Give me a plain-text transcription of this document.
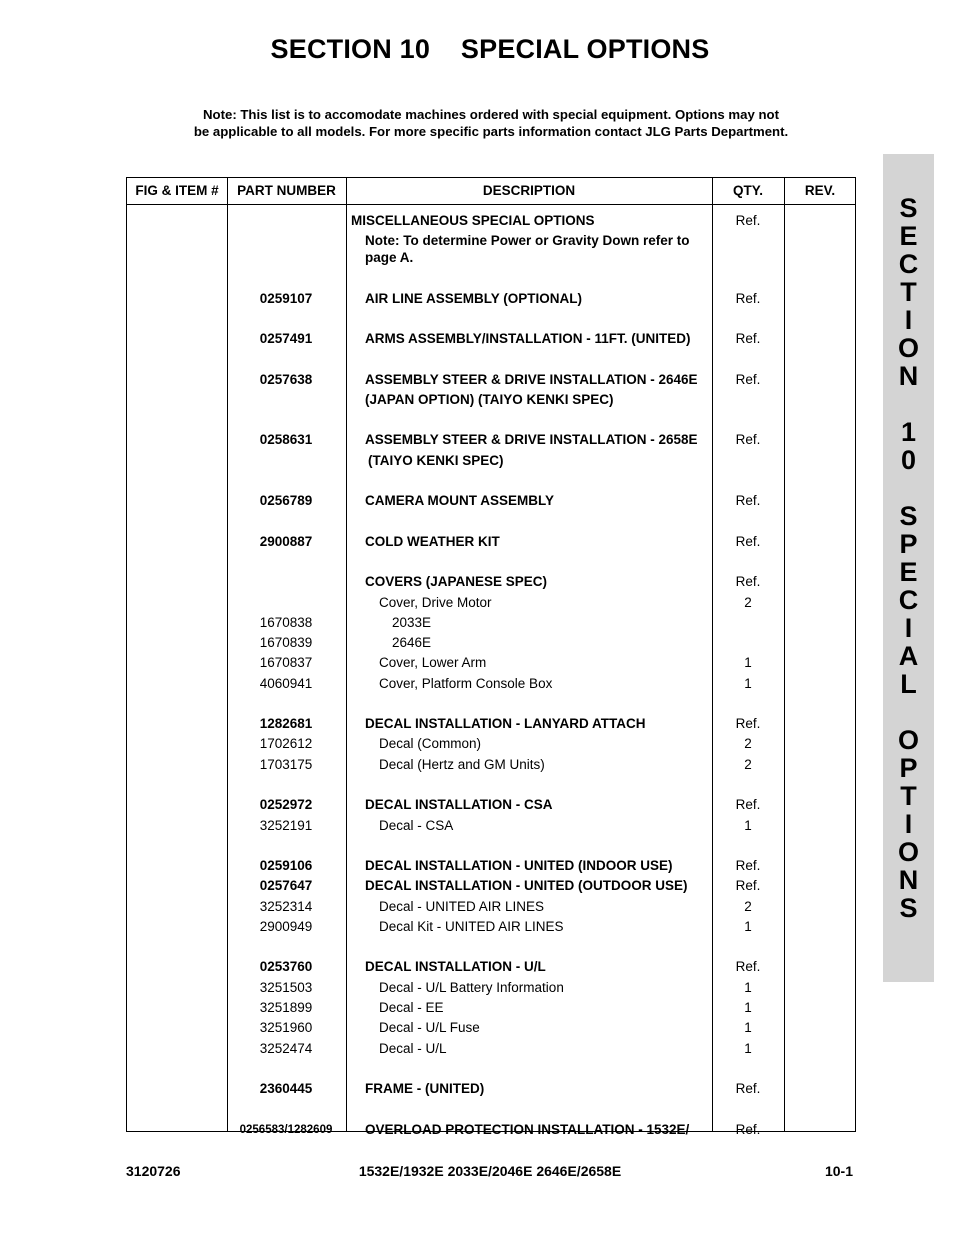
SECTION 10    SPECIAL OPTIONS
Note: This list is to accomodate machines ordered with special equipment. Options may not
be applicable to all models. For more specific parts information contact JLG Parts Department.
FIG & ITEM #	PART NUMBER	DESCRIPTION	QTY.	REV.
MISCELLANEOUS SPECIAL OPTIONS	Ref.
Note: To determine Power or Gravity Down refer to
page A.
0259107	AIR LINE ASSEMBLY (OPTIONAL)	Ref.
0257491	ARMS ASSEMBLY/INSTALLATION - 11FT. (UNITED)	Ref.
0257638	ASSEMBLY STEER & DRIVE INSTALLATION - 2646E	Ref.
(JAPAN OPTION) (TAIYO KENKI SPEC)
0258631	ASSEMBLY STEER & DRIVE INSTALLATION - 2658E	Ref.
(TAIYO KENKI SPEC)
0256789	CAMERA MOUNT ASSEMBLY	Ref.
2900887	COLD WEATHER KIT	Ref.
COVERS (JAPANESE SPEC)	Ref.
Cover, Drive Motor	2
1670838	2033E
1670839	2646E
1670837	Cover, Lower Arm	1
4060941	Cover, Platform Console Box	1
1282681	DECAL INSTALLATION - LANYARD ATTACH	Ref.
1702612	Decal (Common)	2
1703175	Decal (Hertz and GM Units)	2
0252972	DECAL INSTALLATION - CSA	Ref.
3252191	Decal - CSA	1
0259106	DECAL INSTALLATION - UNITED (INDOOR USE)	Ref.
0257647	DECAL INSTALLATION - UNITED (OUTDOOR USE)	Ref.
3252314	Decal - UNITED AIR LINES	2
2900949	Decal Kit - UNITED AIR LINES	1
0253760	DECAL INSTALLATION - U/L	Ref.
3251503	Decal - U/L Battery Information	1
3251899	Decal - EE	1
3251960	Decal - U/L Fuse	1
3252474	Decal - U/L	1
2360445	FRAME - (UNITED)	Ref.
0256583/1282609	OVERLOAD PROTECTION INSTALLATION - 1532E/	Ref.
S
E
C
T
I
O
N
1
0
S
P
E
C
I
A
L
O
P
T
I
O
N
S
3120726	1532E/1932E 2033E/2046E 2646E/2658E	10-1
